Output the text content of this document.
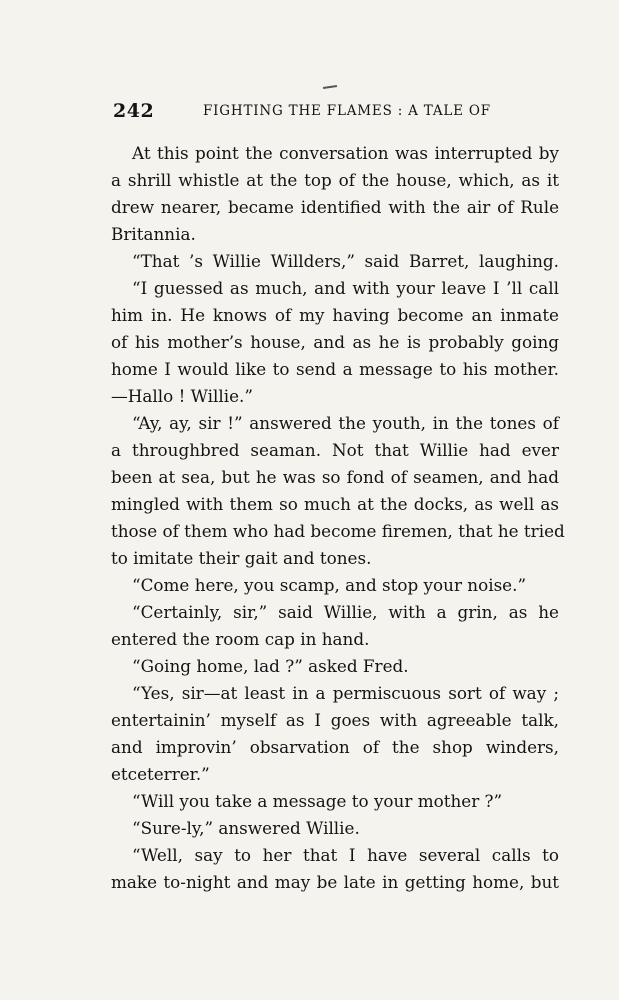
242	FIGHTING THE FLAMES : A TALE OF
At this point the conversation was interrupted by
a shrill whistle at the top of the house, which, as it
drew nearer, became identified with the air of Rule
Britannia.
“That ’s Willie Willders,” said Barret, laughing.
“I guessed as much, and with your leave I ’ll call
him in. He knows of my having become an inmate
of his mother’s house, and as he is probably going
home I would like to send a message to his mother.
—Hallo ! Willie.”
“Ay, ay, sir !” answered the youth, in the tones of
a throughbred seaman. Not that Willie had ever
been at sea, but he was so fond of seamen, and had
mingled with them so much at the docks, as well as
those of them who had become firemen, that he tried
to imitate their gait and tones.
“Come here, you scamp, and stop your noise.”
“Certainly, sir,” said Willie, with a grin, as he
entered the room cap in hand.
“Going home, lad ?” asked Fred.
“Yes, sir—at least in a permiscuous sort of way ;
entertainin’ myself as I goes with agreeable talk,
and improvin’ obsarvation of the shop winders,
etceterrer.”
“Will you take a message to your mother ?”
“Sure-ly,” answered Willie.
“Well, say to her that I have several calls to
make to-night and may be late in getting home, but
